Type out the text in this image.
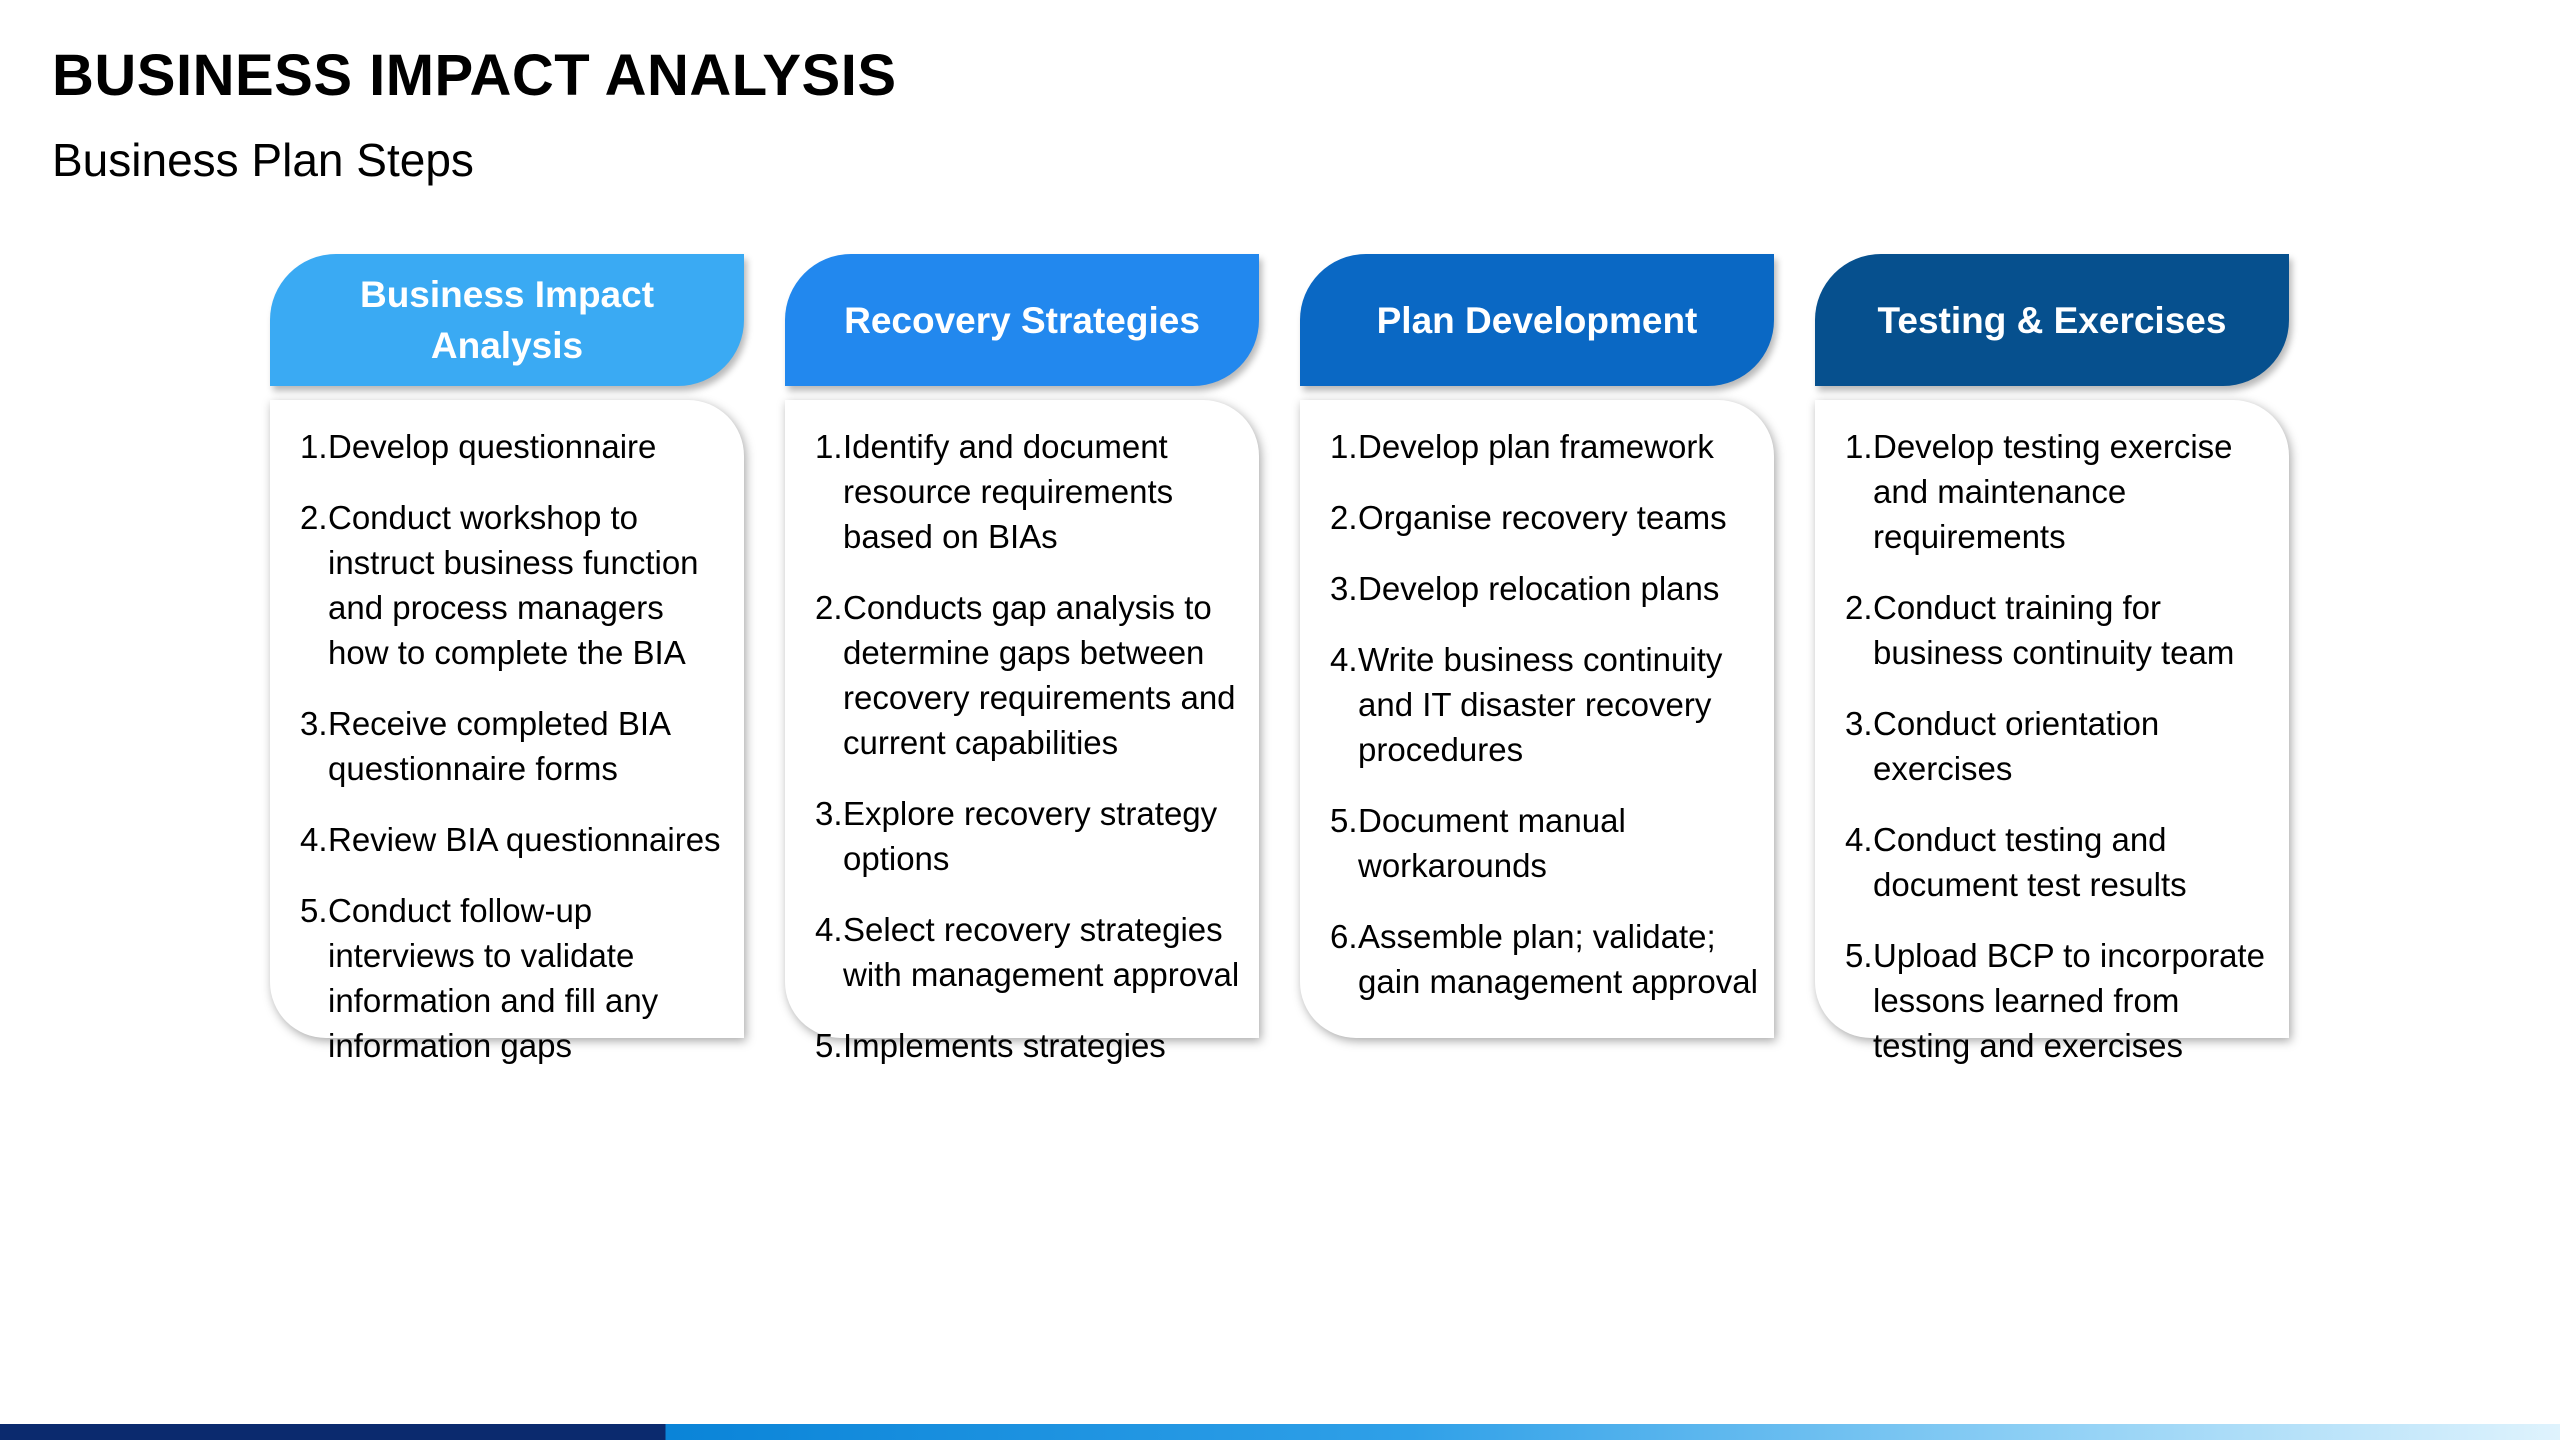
BUSINESS IMPACT ANALYSIS
Business Plan Steps
Business Impact Analysis
1. Develop questionnaire
2. Conduct workshop to instruct business function and process managers how to complete the BIA
3. Receive completed BIA questionnaire forms
4. Review BIA questionnaires
5. Conduct follow-up interviews to validate information and fill any information gaps
Recovery Strategies
1. Identify and document resource requirements based on BIAs
2. Conducts gap analysis to determine gaps between recovery requirements and current capabilities
3. Explore recovery strategy options
4. Select recovery strategies with management approval
5. Implements strategies
Plan Development
1. Develop plan framework
2. Organise recovery teams
3. Develop relocation plans
4. Write business continuity and IT disaster recovery procedures
5. Document manual workarounds
6. Assemble plan; validate; gain management approval
Testing & Exercises
1. Develop testing exercise and maintenance requirements
2. Conduct training for business continuity team
3. Conduct orientation exercises
4. Conduct testing and document test results
5. Upload BCP to incorporate lessons learned from testing and exercises
